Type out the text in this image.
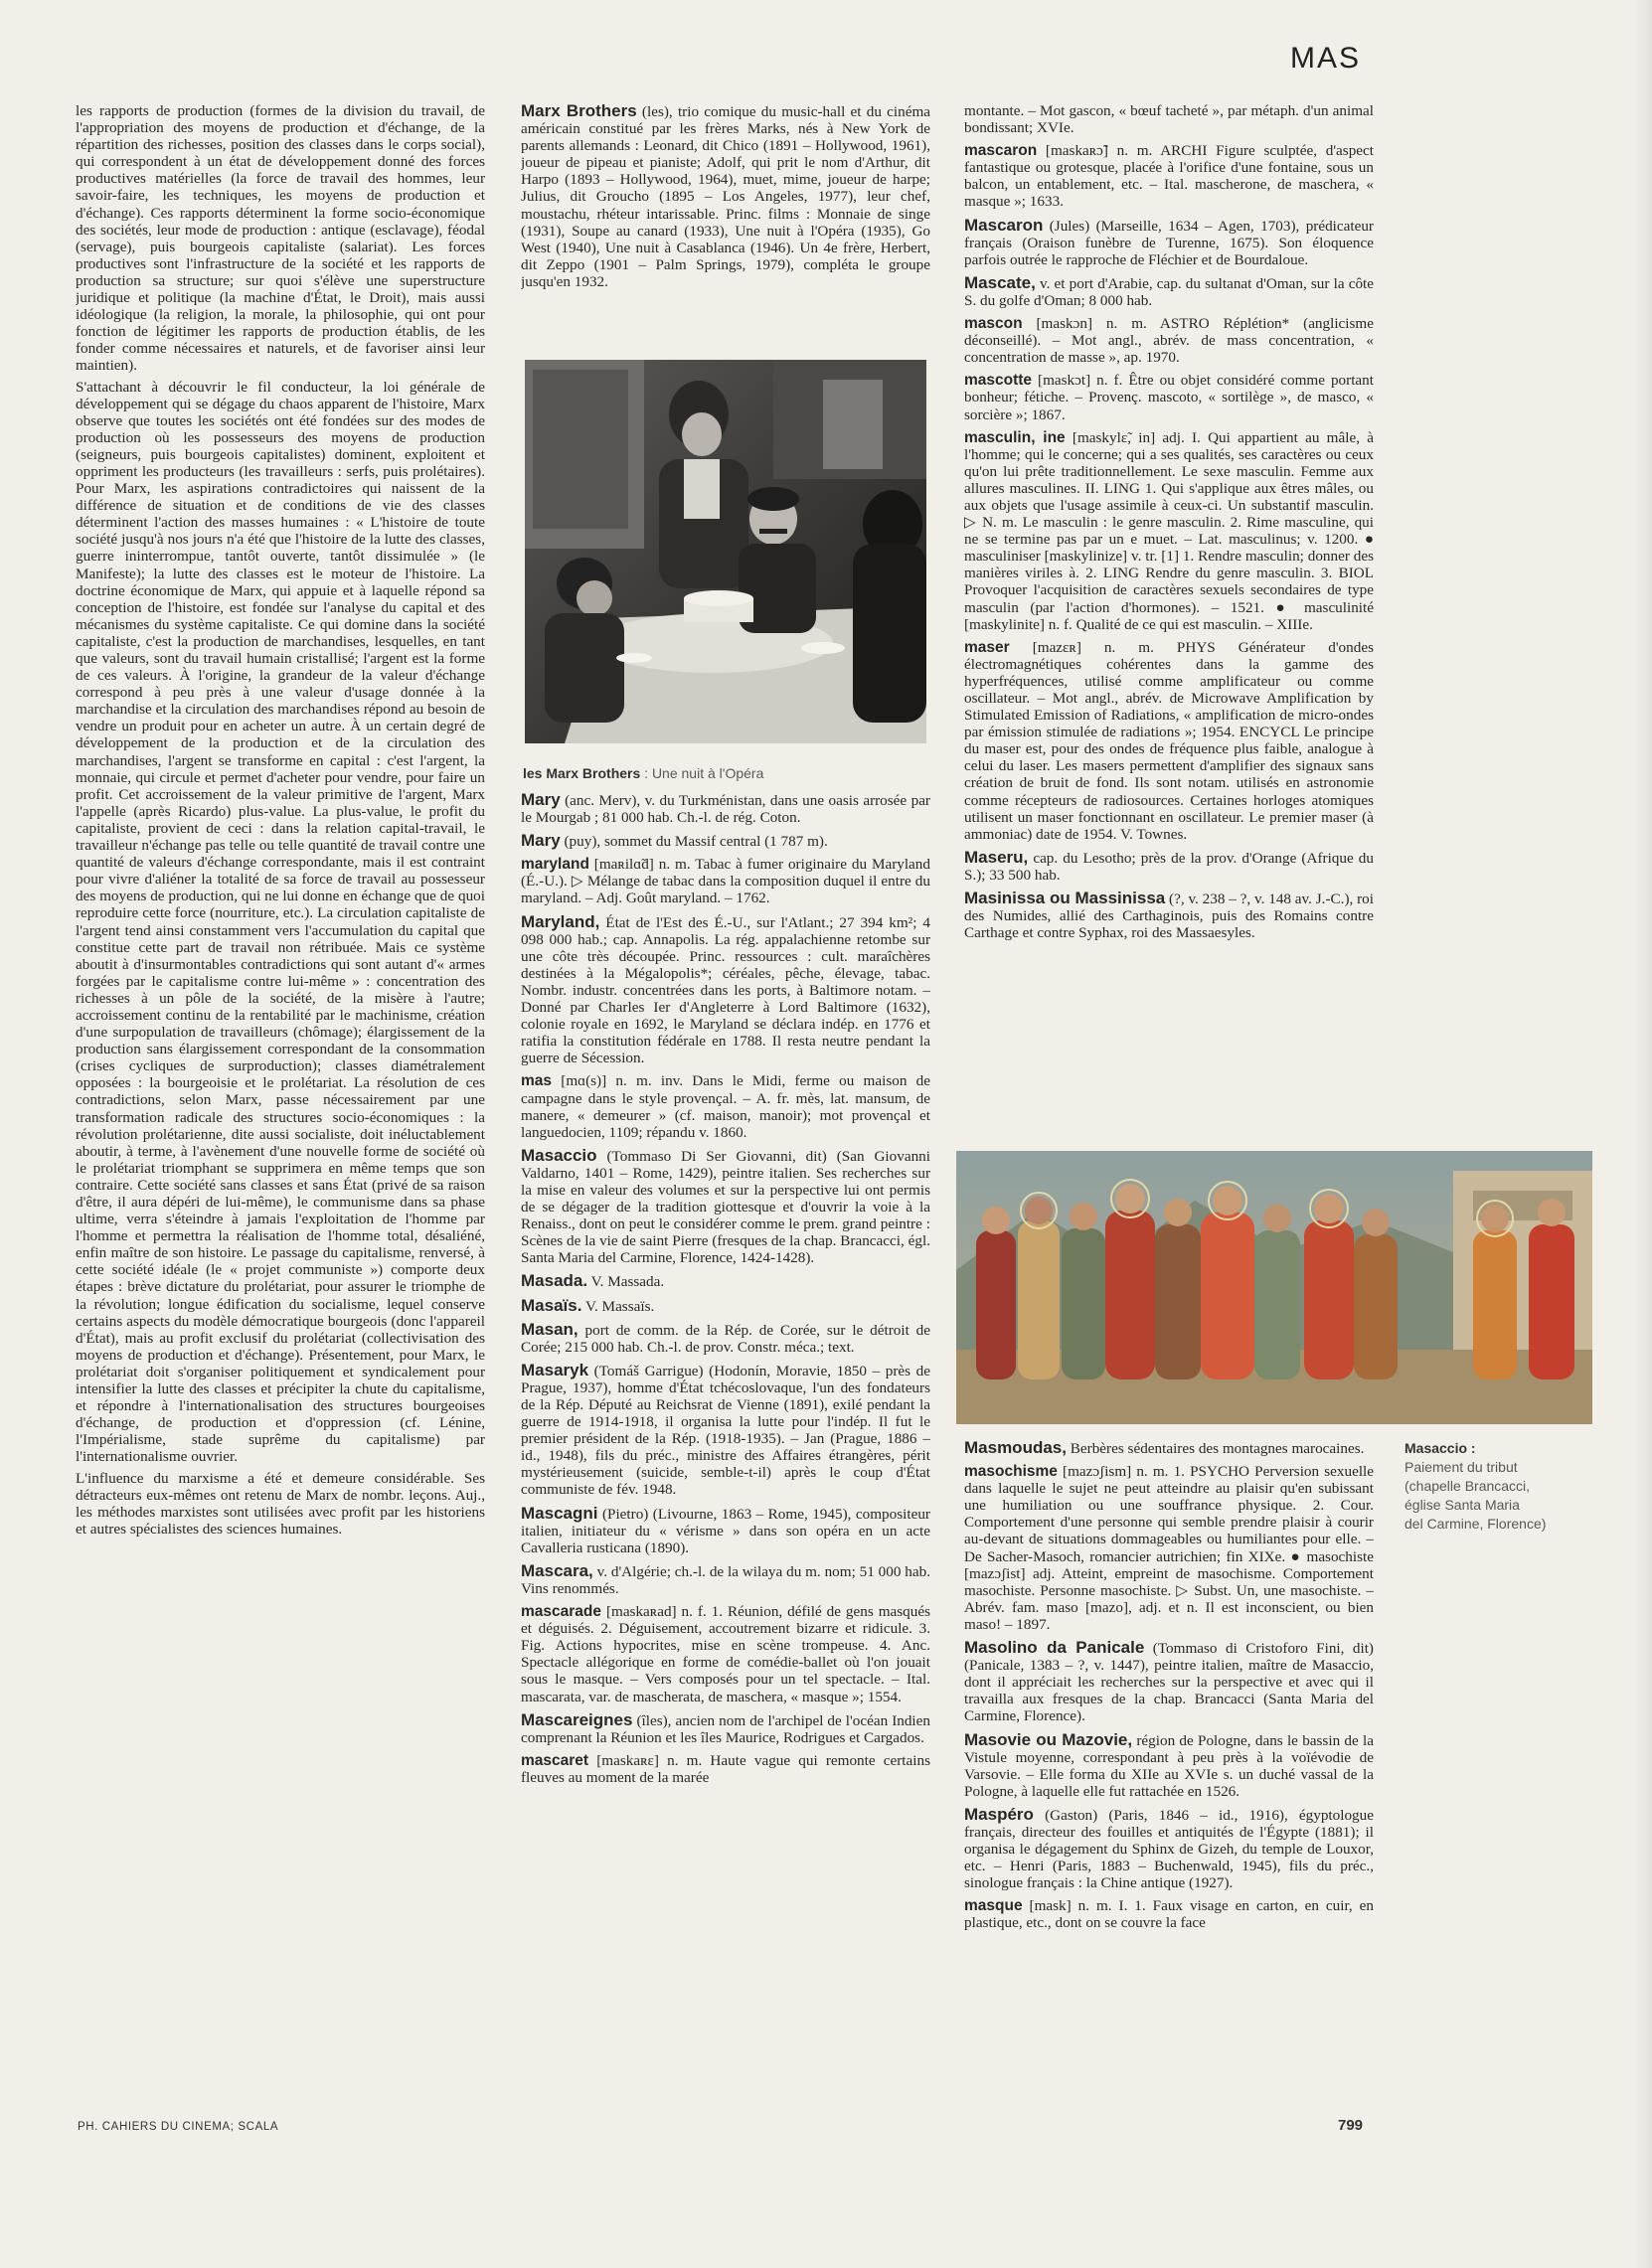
MAS

les rapports de production (formes de la division du travail, de l'appropriation des moyens de production et d'échange, de la répartition des richesses, position des classes dans le corps social), qui correspondent à un état de développement donné des forces productives matérielles (la force de travail des hommes, leur savoir-faire, les techniques, les moyens de production et d'échange). Ces rapports déterminent la forme socio-économique des sociétés, leur mode de production : antique (esclavage), féodal (servage), puis bourgeois capitaliste (salariat). Les forces productives sont l'infrastructure de la société et les rapports de production sa structure; sur quoi s'élève une superstructure juridique et politique (la machine d'État, le Droit), mais aussi idéologique (la religion, la morale, la philosophie, qui ont pour fonction de légitimer les rapports de production établis, de les fonder comme nécessaires et naturels, et de favoriser ainsi leur maintien).

S'attachant à découvrir le fil conducteur, la loi générale de développement qui se dégage du chaos apparent de l'histoire, Marx observe que toutes les sociétés ont été fondées sur des modes de production où les possesseurs des moyens de production (seigneurs, puis bourgeois capitalistes) dominent, exploitent et oppriment les producteurs (les travailleurs : serfs, puis prolétaires). Pour Marx, les aspirations contradictoires qui naissent de la différence de situation et de conditions de vie des classes déterminent l'action des masses humaines : « L'histoire de toute société jusqu'à nos jours n'a été que l'histoire de la lutte des classes, guerre ininterrompue, tantôt ouverte, tantôt dissimulée » (le Manifeste); la lutte des classes est le moteur de l'histoire. La doctrine économique de Marx, qui appuie et à laquelle répond sa conception de l'histoire, est fondée sur l'analyse du capital et des mécanismes du système capitaliste. Ce qui domine dans la société capitaliste, c'est la production de marchandises, lesquelles, en tant que valeurs, sont du travail humain cristallisé; l'argent est la forme de ces valeurs. À l'origine, la grandeur de la valeur d'échange correspond à peu près à une valeur d'usage donnée à la marchandise et la circulation des marchandises répond au besoin de vendre un produit pour en acheter un autre. À un certain degré de développement de la production et de la circulation des marchandises, l'argent se transforme en capital : c'est l'argent, la monnaie, qui circule et permet d'acheter pour vendre, pour faire un profit. Cet accroissement de la valeur primitive de l'argent, Marx l'appelle (après Ricardo) plus-value. La plus-value, le profit du capitaliste, provient de ceci : dans la relation capital-travail, le travailleur n'échange pas telle ou telle quantité de travail contre une quantité de valeurs d'échange correspondante, mais il est contraint pour vivre d'aliéner la totalité de sa force de travail au possesseur des moyens de production, qui ne lui donne en échange que de quoi reproduire cette force (nourriture, etc.). La circulation capitaliste de l'argent tend ainsi constamment vers l'accumulation du capital que constitue cette part de travail non rétribuée. Mais ce système aboutit à d'insurmontables contradictions qui sont autant d'« armes forgées par le capitalisme contre lui-même » : concentration des richesses à un pôle de la société, de la misère à l'autre; accroissement continu de la rentabilité par le machinisme, création d'une surpopulation de travailleurs (chômage); élargissement de la production sans élargissement correspondant de la consommation (crises cycliques de surproduction); classes diamétralement opposées : la bourgeoisie et le prolétariat. La résolution de ces contradictions, selon Marx, passe nécessairement par une transformation radicale des structures socio-économiques : la révolution prolétarienne, dite aussi socialiste, doit inéluctablement aboutir, à terme, à l'avènement d'une nouvelle forme de société où le prolétariat triomphant se supprimera en même temps que son contraire. Cette société sans classes et sans État (privé de sa raison d'être, il aura dépéri de lui-même), le communisme dans sa phase ultime, verra s'éteindre à jamais l'exploitation de l'homme par l'homme et permettra la réalisation de l'homme total, désaliéné, enfin maître de son histoire. Le passage du capitalisme, renversé, à cette société idéale (le « projet communiste ») comporte deux étapes : brève dictature du prolétariat, pour assurer le triomphe de la révolution; longue édification du socialisme, lequel conserve certains aspects du modèle démocratique bourgeois (donc l'appareil d'État), mais au profit exclusif du prolétariat (collectivisation des moyens de production et d'échange). Présentement, pour Marx, le prolétariat doit s'organiser politiquement et syndicalement pour intensifier la lutte des classes et précipiter la chute du capitalisme, et répondre à l'internationalisation des structures bourgeoises d'échange, de production et d'oppression (cf. Lénine, l'Impérialisme, stade suprême du capitalisme) par l'internationalisme ouvrier.

L'influence du marxisme a été et demeure considérable. Ses détracteurs eux-mêmes ont retenu de Marx de nombr. leçons. Auj., les méthodes marxistes sont utilisées avec profit par les historiens et autres spécialistes des sciences humaines.

Marx Brothers (les), trio comique du music-hall et du cinéma américain constitué par les frères Marks, nés à New York de parents allemands : Leonard, dit Chico (1891 – Hollywood, 1961), joueur de pipeau et pianiste; Adolf, qui prit le nom d'Arthur, dit Harpo (1893 – Hollywood, 1964), muet, mime, joueur de harpe; Julius, dit Groucho (1895 – Los Angeles, 1977), leur chef, moustachu, rhéteur intarissable. Princ. films : Monnaie de singe (1931), Soupe au canard (1933), Une nuit à l'Opéra (1935), Go West (1940), Une nuit à Casablanca (1946). Un 4e frère, Herbert, dit Zeppo (1901 – Palm Springs, 1979), compléta le groupe jusqu'en 1932.
les Marx Brothers : Une nuit à l'Opéra
Mary (anc. Merv), v. du Turkménistan, dans une oasis arrosée par le Mourgab ; 81 000 hab. Ch.-l. de rég. Coton.
Mary (puy), sommet du Massif central (1 787 m).
maryland [maʀilɑ̃d] n. m. Tabac à fumer originaire du Maryland (É.-U.). ▷ Mélange de tabac dans la composition duquel il entre du maryland. – Adj. Goût maryland. – 1762.
Maryland, État de l'Est des É.-U., sur l'Atlant.; 27 394 km²; 4 098 000 hab.; cap. Annapolis. La rég. appalachienne retombe sur une côte très découpée. Princ. ressources : cult. maraîchères destinées à la Mégalopolis*; céréales, pêche, élevage, tabac. Nombr. industr. concentrées dans les ports, à Baltimore notam. – Donné par Charles Ier d'Angleterre à Lord Baltimore (1632), colonie royale en 1692, le Maryland se déclara indép. en 1776 et ratifia la constitution fédérale en 1788. Il resta neutre pendant la guerre de Sécession.
mas [mɑ(s)] n. m. inv. Dans le Midi, ferme ou maison de campagne dans le style provençal. – A. fr. mès, lat. mansum, de manere, « demeurer » (cf. maison, manoir); mot provençal et languedocien, 1109; répandu v. 1860.
Masaccio (Tommaso Di Ser Giovanni, dit) (San Giovanni Valdarno, 1401 – Rome, 1429), peintre italien. Ses recherches sur la mise en valeur des volumes et sur la perspective lui ont permis de se dégager de la tradition giottesque et d'ouvrir la voie à la Renaiss., dont on peut le considérer comme le prem. grand peintre : Scènes de la vie de saint Pierre (fresques de la chap. Brancacci, égl. Santa Maria del Carmine, Florence, 1424-1428).
Masada. V. Massada.
Masaïs. V. Massaïs.
Masan, port de comm. de la Rép. de Corée, sur le détroit de Corée; 215 000 hab. Ch.-l. de prov. Constr. méca.; text.
Masaryk (Tomáš Garrigue) (Hodonín, Moravie, 1850 – près de Prague, 1937), homme d'État tchécoslovaque, l'un des fondateurs de la Rép. Député au Reichsrat de Vienne (1891), exilé pendant la guerre de 1914-1918, il organisa la lutte pour l'indép. Il fut le premier président de la Rép. (1918-1935). – Jan (Prague, 1886 – id., 1948), fils du préc., ministre des Affaires étrangères, périt mystérieusement (suicide, semble-t-il) après le coup d'État communiste de fév. 1948.
Mascagni (Pietro) (Livourne, 1863 – Rome, 1945), compositeur italien, initiateur du « vérisme » dans son opéra en un acte Cavalleria rusticana (1890).
Mascara, v. d'Algérie; ch.-l. de la wilaya du m. nom; 51 000 hab. Vins renommés.
mascarade [maskaʀad] n. f. 1. Réunion, défilé de gens masqués et déguisés. 2. Déguisement, accoutrement bizarre et ridicule. 3. Fig. Actions hypocrites, mise en scène trompeuse. 4. Anc. Spectacle allégorique en forme de comédie-ballet où l'on jouait sous le masque. – Vers composés pour un tel spectacle. – Ital. mascarata, var. de mascherata, de maschera, « masque »; 1554.
Mascareignes (îles), ancien nom de l'archipel de l'océan Indien comprenant la Réunion et les îles Maurice, Rodrigues et Cargados.
mascaret [maskaʀɛ] n. m. Haute vague qui remonte certains fleuves au moment de la marée
montante. – Mot gascon, « bœuf tacheté », par métaph. d'un animal bondissant; XVIe.
mascaron [maskaʀɔ̃] n. m. ARCHI Figure sculptée, d'aspect fantastique ou grotesque, placée à l'orifice d'une fontaine, sous un balcon, un entablement, etc. – Ital. mascherone, de maschera, « masque »; 1633.
Mascaron (Jules) (Marseille, 1634 – Agen, 1703), prédicateur français (Oraison funèbre de Turenne, 1675). Son éloquence parfois outrée le rapproche de Fléchier et de Bourdaloue.
Mascate, v. et port d'Arabie, cap. du sultanat d'Oman, sur la côte S. du golfe d'Oman; 8 000 hab.
mascon [maskɔn] n. m. ASTRO Réplétion* (anglicisme déconseillé). – Mot angl., abrév. de mass concentration, « concentration de masse », ap. 1970.
mascotte [maskɔt] n. f. Être ou objet considéré comme portant bonheur; fétiche. – Provenç. mascoto, « sortilège », de masco, « sorcière »; 1867.
masculin, ine [maskylɛ̃, in] adj. I. Qui appartient au mâle, à l'homme; qui le concerne; qui a ses qualités, ses caractères ou ceux qu'on lui prête traditionnellement. Le sexe masculin. Femme aux allures masculines. II. LING 1. Qui s'applique aux êtres mâles, ou aux objets que l'usage assimile à ceux-ci. Un substantif masculin. ▷ N. m. Le masculin : le genre masculin. 2. Rime masculine, qui ne se termine pas par un e muet. – Lat. masculinus; v. 1200. ● masculiniser [maskylinize] v. tr. [1] 1. Rendre masculin; donner des manières viriles à. 2. LING Rendre du genre masculin. 3. BIOL Provoquer l'acquisition de caractères sexuels secondaires de type masculin (par l'action d'hormones). – 1521. ● masculinité [maskylinite] n. f. Qualité de ce qui est masculin. – XIIIe.
maser [mazɛʀ] n. m. PHYS Générateur d'ondes électromagnétiques cohérentes dans la gamme des hyperfréquences, utilisé comme amplificateur ou comme oscillateur. – Mot angl., abrév. de Microwave Amplification by Stimulated Emission of Radiations, « amplification de micro-ondes par émission stimulée de radiations »; 1954. ENCYCL Le principe du maser est, pour des ondes de fréquence plus faible, analogue à celui du laser. Les masers permettent d'amplifier des signaux sans création de bruit de fond. Ils sont notam. utilisés en astronomie comme récepteurs de radiosources. Certaines horloges atomiques utilisent un maser fonctionnant en oscillateur. Le premier maser (à ammoniac) date de 1954. V. Townes.
Maseru, cap. du Lesotho; près de la prov. d'Orange (Afrique du S.); 33 500 hab.
Masinissa ou Massinissa (?, v. 238 – ?, v. 148 av. J.-C.), roi des Numides, allié des Carthaginois, puis des Romains contre Carthage et contre Syphax, roi des Massaesyles.
Masaccio :
Paiement du tribut
(chapelle Brancacci,
église Santa Maria
del Carmine, Florence)
Masmoudas, Berbères sédentaires des montagnes marocaines.
masochisme [mazɔʃism] n. m. 1. PSYCHO Perversion sexuelle dans laquelle le sujet ne peut atteindre au plaisir qu'en subissant une humiliation ou une souffrance physique. 2. Cour. Comportement d'une personne qui semble prendre plaisir à courir au-devant de situations dommageables ou humiliantes pour elle. – De Sacher-Masoch, romancier autrichien; fin XIXe. ● masochiste [mazɔʃist] adj. Atteint, empreint de masochisme. Comportement masochiste. Personne masochiste. ▷ Subst. Un, une masochiste. – Abrév. fam. maso [mazo], adj. et n. Il est inconscient, ou bien maso! – 1897.
Masolino da Panicale (Tommaso di Cristoforo Fini, dit) (Panicale, 1383 – ?, v. 1447), peintre italien, maître de Masaccio, dont il appréciait les recherches sur la perspective et avec qui il travailla aux fresques de la chap. Brancacci (Santa Maria del Carmine, Florence).
Masovie ou Mazovie, région de Pologne, dans le bassin de la Vistule moyenne, correspondant à peu près à la voïévodie de Varsovie. – Elle forma du XIIe au XVIe s. un duché vassal de la Pologne, à laquelle elle fut rattachée en 1526.
Maspéro (Gaston) (Paris, 1846 – id., 1916), égyptologue français, directeur des fouilles et antiquités de l'Égypte (1881); il organisa le dégagement du Sphinx de Gizeh, du temple de Louxor, etc. – Henri (Paris, 1883 – Buchenwald, 1945), fils du préc., sinologue français : la Chine antique (1927).
masque [mask] n. m. I. 1. Faux visage en carton, en cuir, en plastique, etc., dont on se couvre la face
PH. CAHIERS DU CINEMA; SCALA	799
